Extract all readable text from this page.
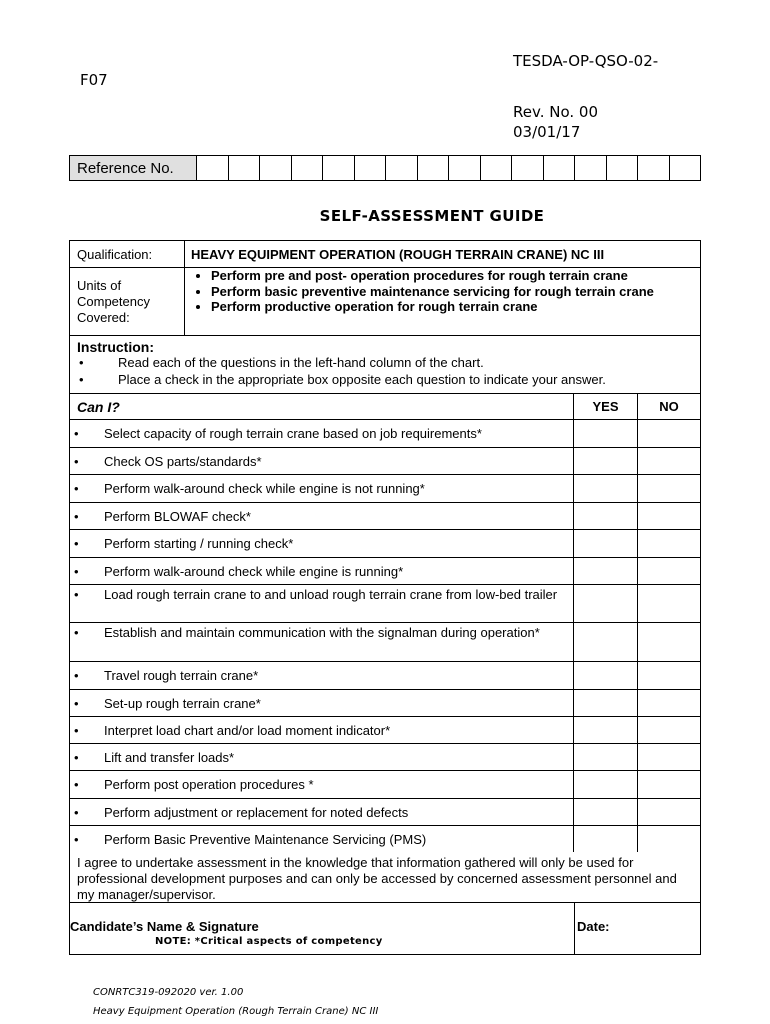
TESDA-OP-QSO-02-
F07
Rev. No. 00
03/01/17
Reference No.
SELF-ASSESSMENT GUIDE
Qualification:	HEAVY EQUIPMENT OPERATION (ROUGH TERRAIN CRANE) NC III
Units of Competency Covered:
• Perform pre and post- operation procedures for rough terrain crane
• Perform basic preventive maintenance servicing for rough terrain crane
• Perform productive operation for rough terrain crane
Instruction:
•	Read each of the questions in the left-hand column of the chart.
•	Place a check in the appropriate box opposite each question to indicate your answer.
Can I?	YES	NO
•	Select capacity of rough terrain crane based on job requirements*
•	Check OS parts/standards*
•	Perform walk-around check while engine is not running*
•	Perform BLOWAF check*
•	Perform starting / running check*
•	Perform walk-around check while engine is running*
•	Load rough terrain crane to and unload rough terrain crane from low-bed trailer
•	Establish and maintain communication with the signalman during operation*
•	Travel rough terrain crane*
•	Set-up rough terrain crane*
•	Interpret load chart and/or load moment indicator*
•	Lift and transfer loads*
•	Perform post operation procedures *
•	Perform adjustment or replacement for noted defects
•	Perform Basic Preventive Maintenance Servicing (PMS)
I agree to undertake assessment in the knowledge that information gathered will only be used for professional development purposes and can only be accessed by concerned assessment personnel and my manager/supervisor.
Candidate’s Name & Signature	Date:
NOTE: *Critical aspects of competency
CONRTC319-092020 ver. 1.00
Heavy Equipment Operation (Rough Terrain Crane) NC III
